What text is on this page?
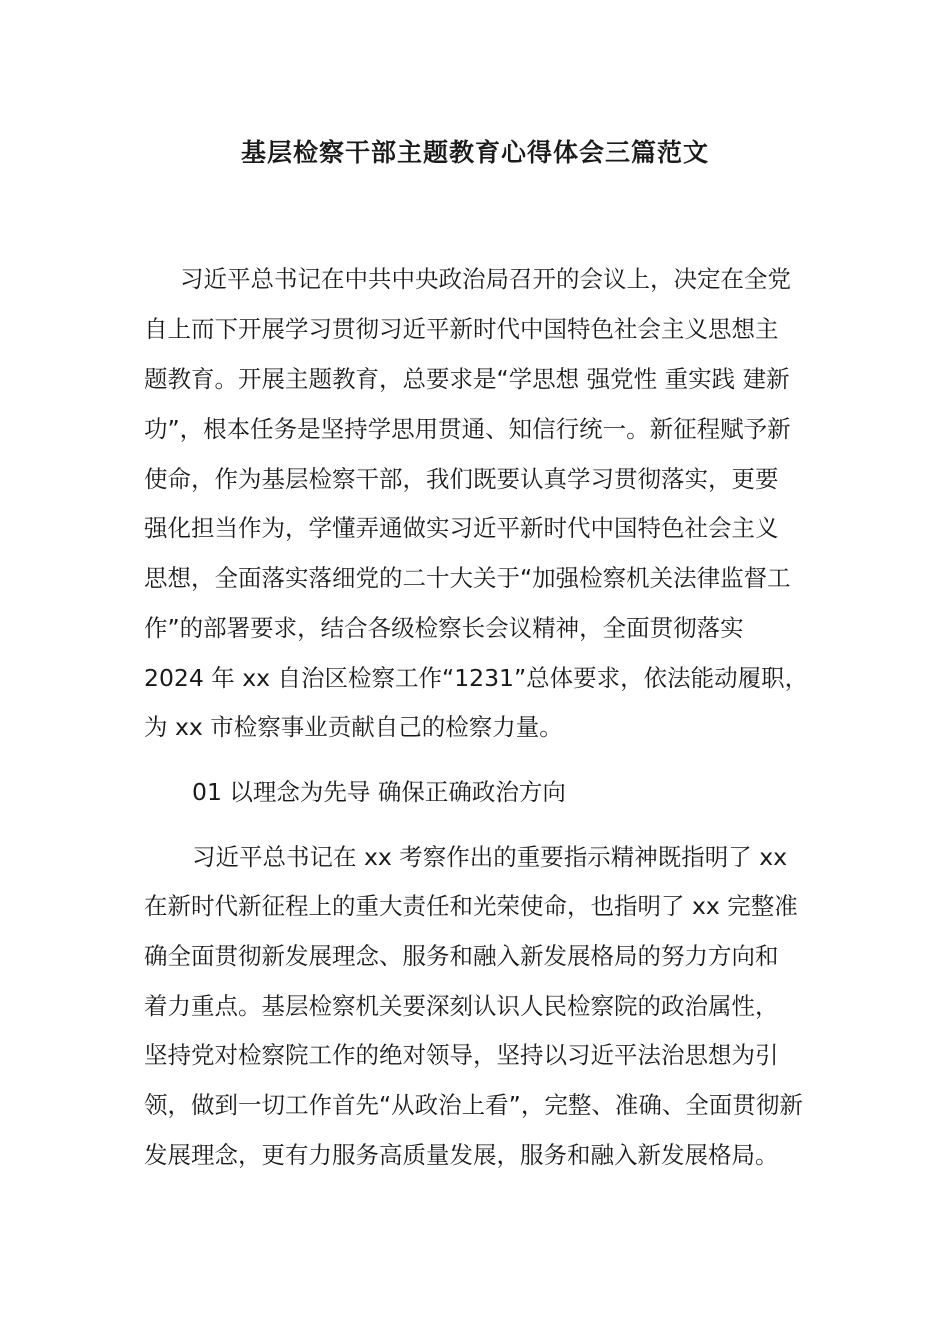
基层检察干部主题教育心得体会三篇范文
习近平总书记在中共中央政治局召开的会议上，决定在全党
自上而下开展学习贯彻习近平新时代中国特色社会主义思想主
题教育。开展主题教育，总要求是“学思想 强党性 重实践 建新
功”，根本任务是坚持学思用贯通、知信行统一。新征程赋予新
使命，作为基层检察干部，我们既要认真学习贯彻落实，更要
强化担当作为，学懂弄通做实习近平新时代中国特色社会主义
思想，全面落实落细党的二十大关于“加强检察机关法律监督工
作”的部署要求，结合各级检察长会议精神，全面贯彻落实
2024 年 xx 自治区检察工作“1231”总体要求，依法能动履职，
为 xx 市检察事业贡献自己的检察力量。
01 以理念为先导 确保正确政治方向
习近平总书记在 xx 考察作出的重要指示精神既指明了 xx
在新时代新征程上的重大责任和光荣使命，也指明了 xx 完整准
确全面贯彻新发展理念、服务和融入新发展格局的努力方向和
着力重点。基层检察机关要深刻认识人民检察院的政治属性，
坚持党对检察院工作的绝对领导，坚持以习近平法治思想为引
领，做到一切工作首先“从政治上看”，完整、准确、全面贯彻新
发展理念，更有力服务高质量发展，服务和融入新发展格局。
